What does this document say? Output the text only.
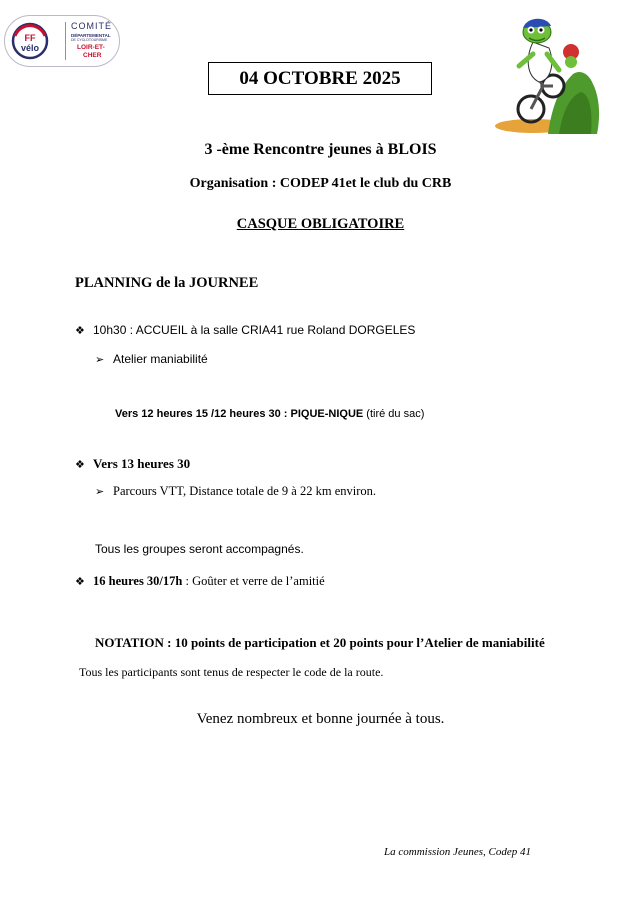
FF
vélo
COMITÉ
DÉPARTEMENTAL
DE CYCLOTOURISME
LOIR-ET-
CHER
04 OCTOBRE 2025
3 -ème Rencontre jeunes à BLOIS
Organisation : CODEP 41et le club du CRB
CASQUE OBLIGATOIRE
PLANNING de la JOURNEE
❖ 10h30 : ACCUEIL à la salle CRIA41 rue Roland DORGELES
➢ Atelier maniabilité
Vers 12 heures 15 /12 heures 30 : PIQUE-NIQUE (tiré du sac)
❖ Vers 13 heures 30
➢ Parcours VTT, Distance totale de 9 à 22 km environ.
Tous les groupes seront accompagnés.
❖ 16 heures 30/17h : Goûter et verre de l’amitié
NOTATION : 10 points de participation et 20 points pour l’Atelier de maniabilité
Tous les participants sont tenus de respecter le code de la route.
Venez nombreux et bonne journée à tous.
La commission Jeunes, Codep 41
